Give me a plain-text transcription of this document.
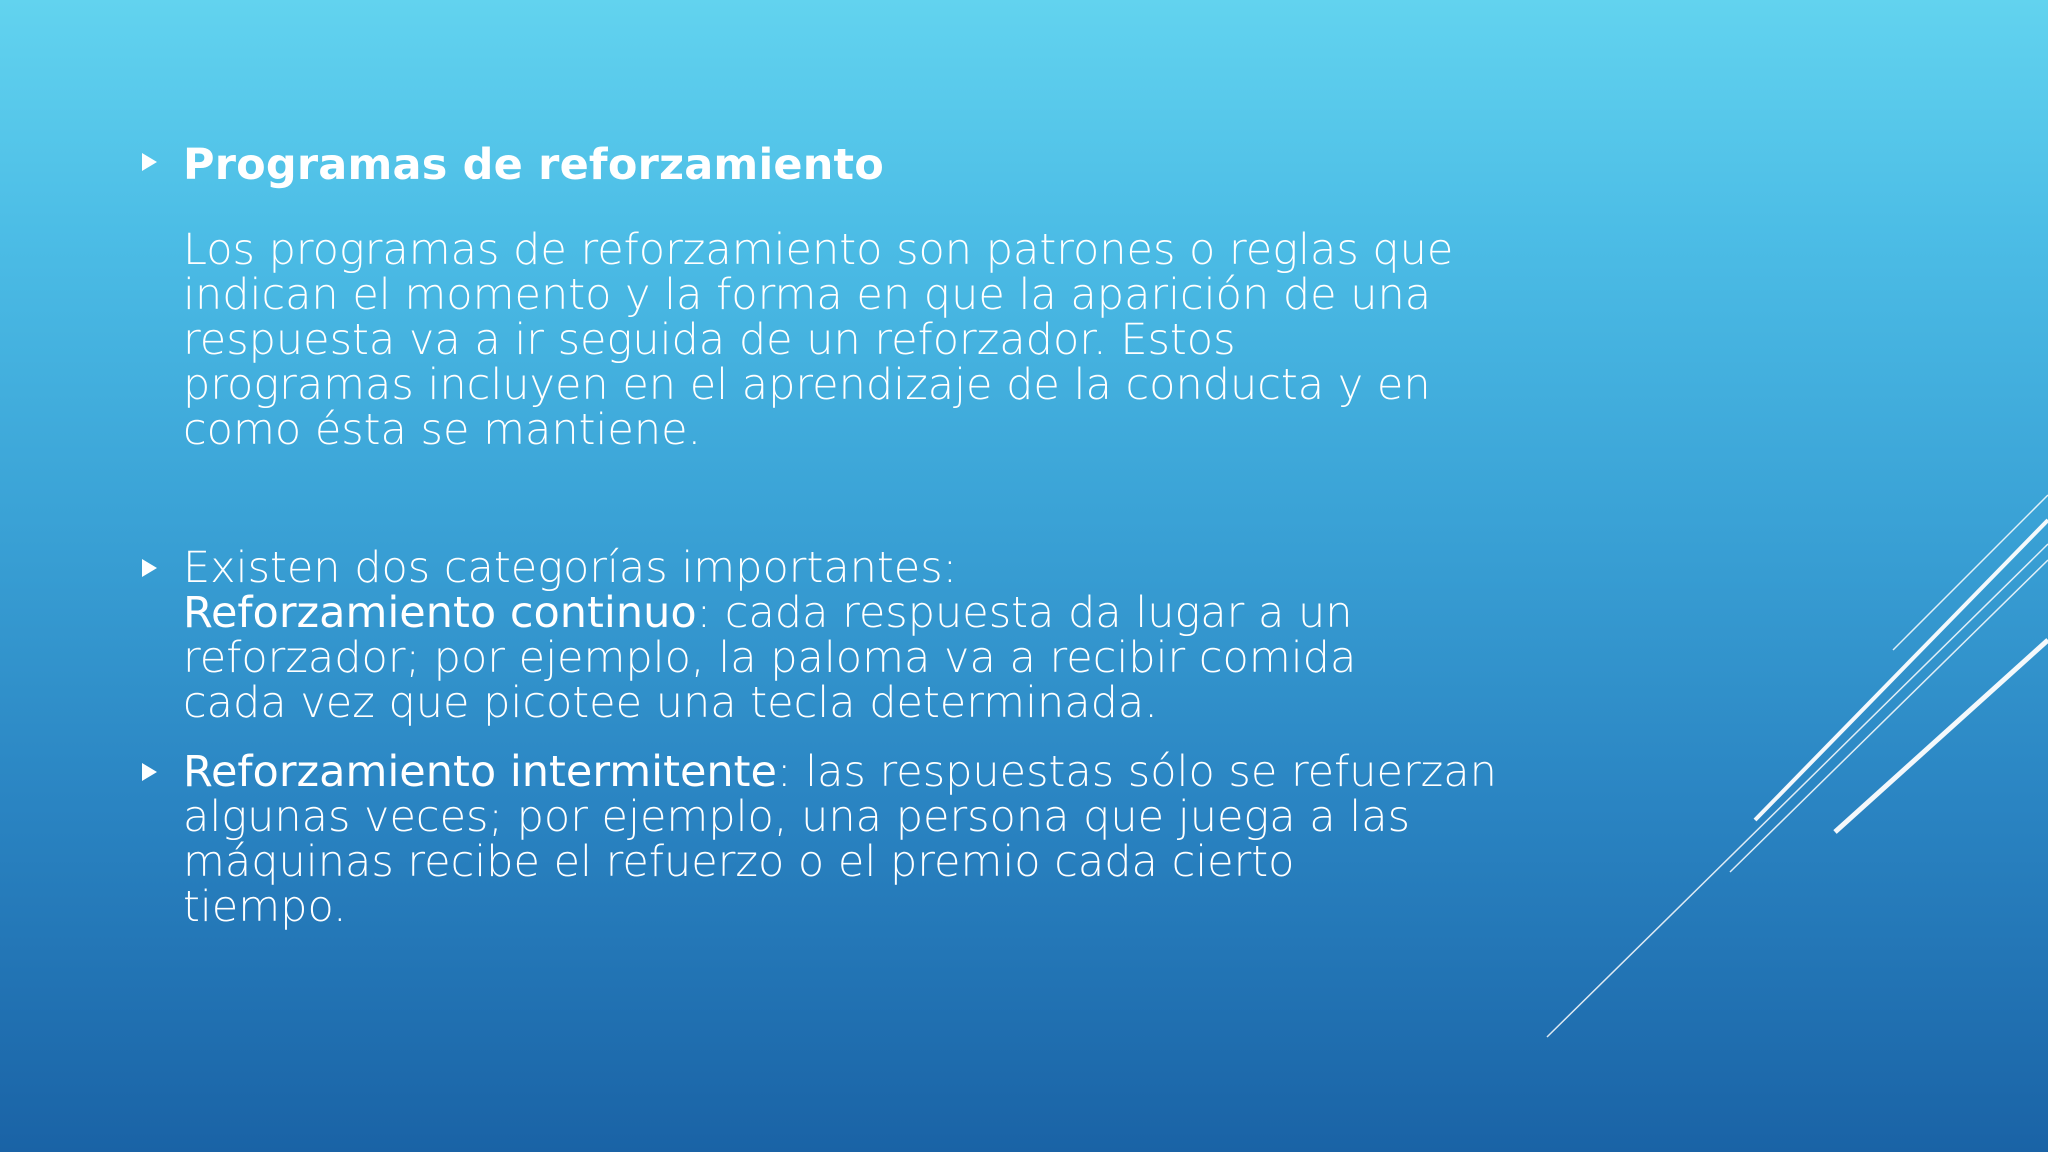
Programas de reforzamiento
Los programas de reforzamiento son patrones o reglas que
indican el momento y la forma en que la aparición de una
respuesta va a ir seguida de un reforzador. Estos
programas incluyen en el aprendizaje de la conducta y en
como ésta se mantiene.
Existen dos categorías importantes:
Reforzamiento continuo: cada respuesta da lugar a un
reforzador; por ejemplo, la paloma va a recibir comida
cada vez que picotee una tecla determinada.
Reforzamiento intermitente: las respuestas sólo se refuerzan
algunas veces; por ejemplo, una persona que juega a las
máquinas recibe el refuerzo o el premio cada cierto
tiempo.
